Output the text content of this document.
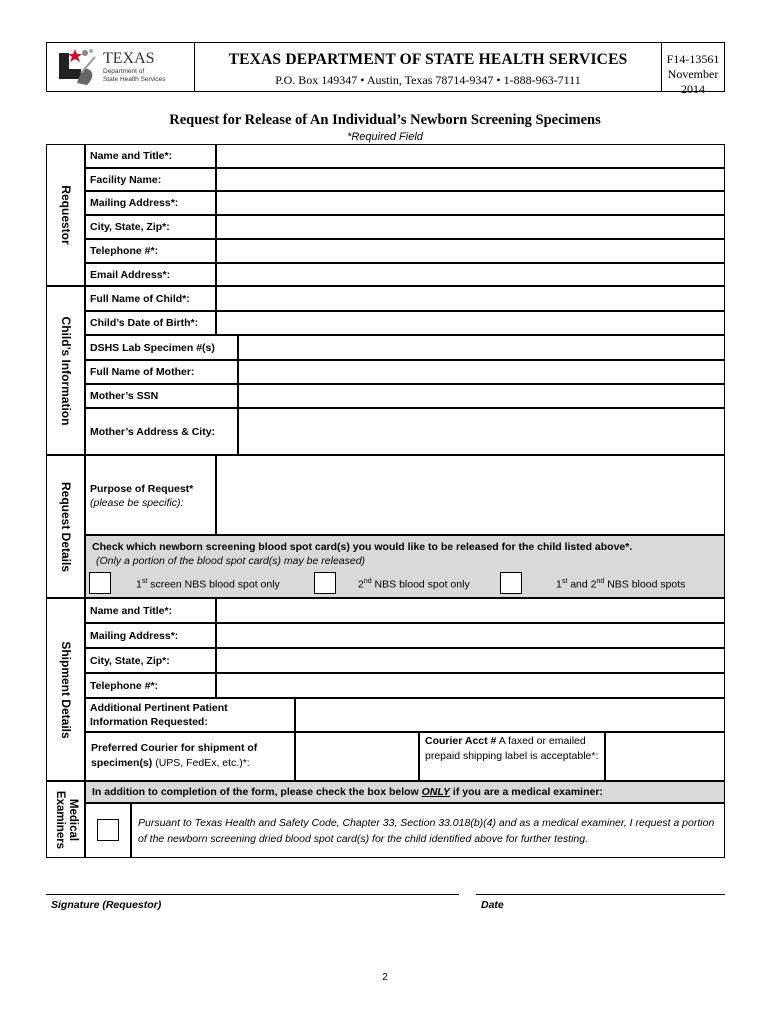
TEXAS
Department of
State Health Services
TEXAS DEPARTMENT OF STATE HEALTH SERVICES
P.O. Box 149347 • Austin, Texas 78714-9347 • 1-888-963-7111
F14-13561
November 2014
Request for Release of An Individual’s Newborn Screening Specimens
*Required Field
Requestor
Name and Title*:
Facility Name:
Mailing Address*:
City, State, Zip*:
Telephone #*:
Email Address*:
Child’s Information
Full Name of Child*:
Child’s Date of Birth*:
DSHS Lab Specimen #(s)
Full Name of Mother:
Mother’s SSN
Mother’s Address & City:
Request Details Purpose of Request*
(please be specific):
Check which newborn screening blood spot card(s) you would like to be released for the child listed above*.
(Only a portion of the blood spot card(s) may be released)
1st screen NBS blood spot only	2nd NBS blood spot only	1st and 2nd NBS blood spots
Shipment Details
Name and Title*:
Mailing Address*:
City, State, Zip*:
Telephone #*:
Additional Pertinent Patient Information Requested:
Preferred Courier for shipment of specimen(s) (UPS, FedEx, etc.)*:
Courier Acct # A faxed or emailed prepaid shipping label is acceptable*:
Medical Examiners	In addition to completion of the form, please check the box below ONLY if you are a medical examiner:
Pursuant to Texas Health and Safety Code, Chapter 33, Section 33.018(b)(4) and as a medical examiner, I request a portion of the newborn screening dried blood spot card(s) for the child identified above for further testing.
Signature (Requestor)	Date
2
